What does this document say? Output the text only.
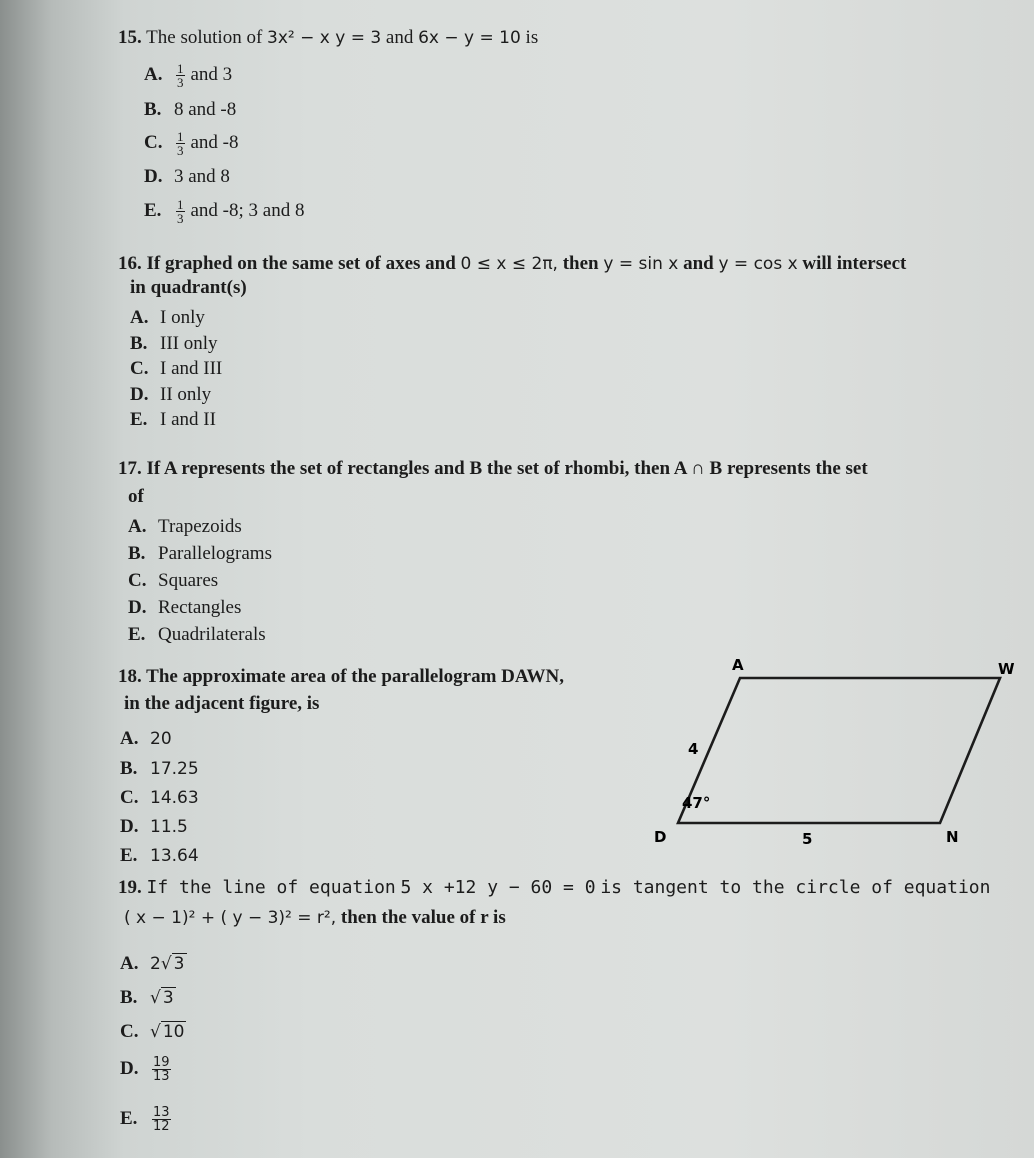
15. The solution of 3x² − x y = 3 and 6x − y = 10 is
A. $\frac{1}{3}$ and 3
B. 8 and -8
C. $\frac{1}{3}$ and -8
D. 3 and 8
E. $\frac{1}{3}$ and -8; 3 and 8
16. If graphed on the same set of axes and 0 ≤ x ≤ 2π, then y = sin x and y = cos x will intersect
in quadrant(s)
A. I only
B. III only
C. I and III
D. II only
E. I and II
17. If A represents the set of rectangles and B the set of rhombi, then A ∩ B represents the set
of
A. Trapezoids
B. Parallelograms
C. Squares
D. Rectangles
E. Quadrilaterals
18. The approximate area of the parallelogram DAWN,
in the adjacent figure, is
A. 20
B. 17.25
C. 14.63
D. 11.5
E. 13.64
A	W
D	N
4
47°
5
19. If the line of equation 5 x +12 y − 60 = 0 is tangent to the circle of equation
( x − 1)² + ( y − 3)² = r², then the value of r is
A. 2√ 3
B. √ 3
C. √ 10
D. $\frac{19}{13}$
E. $\frac{13}{12}$
